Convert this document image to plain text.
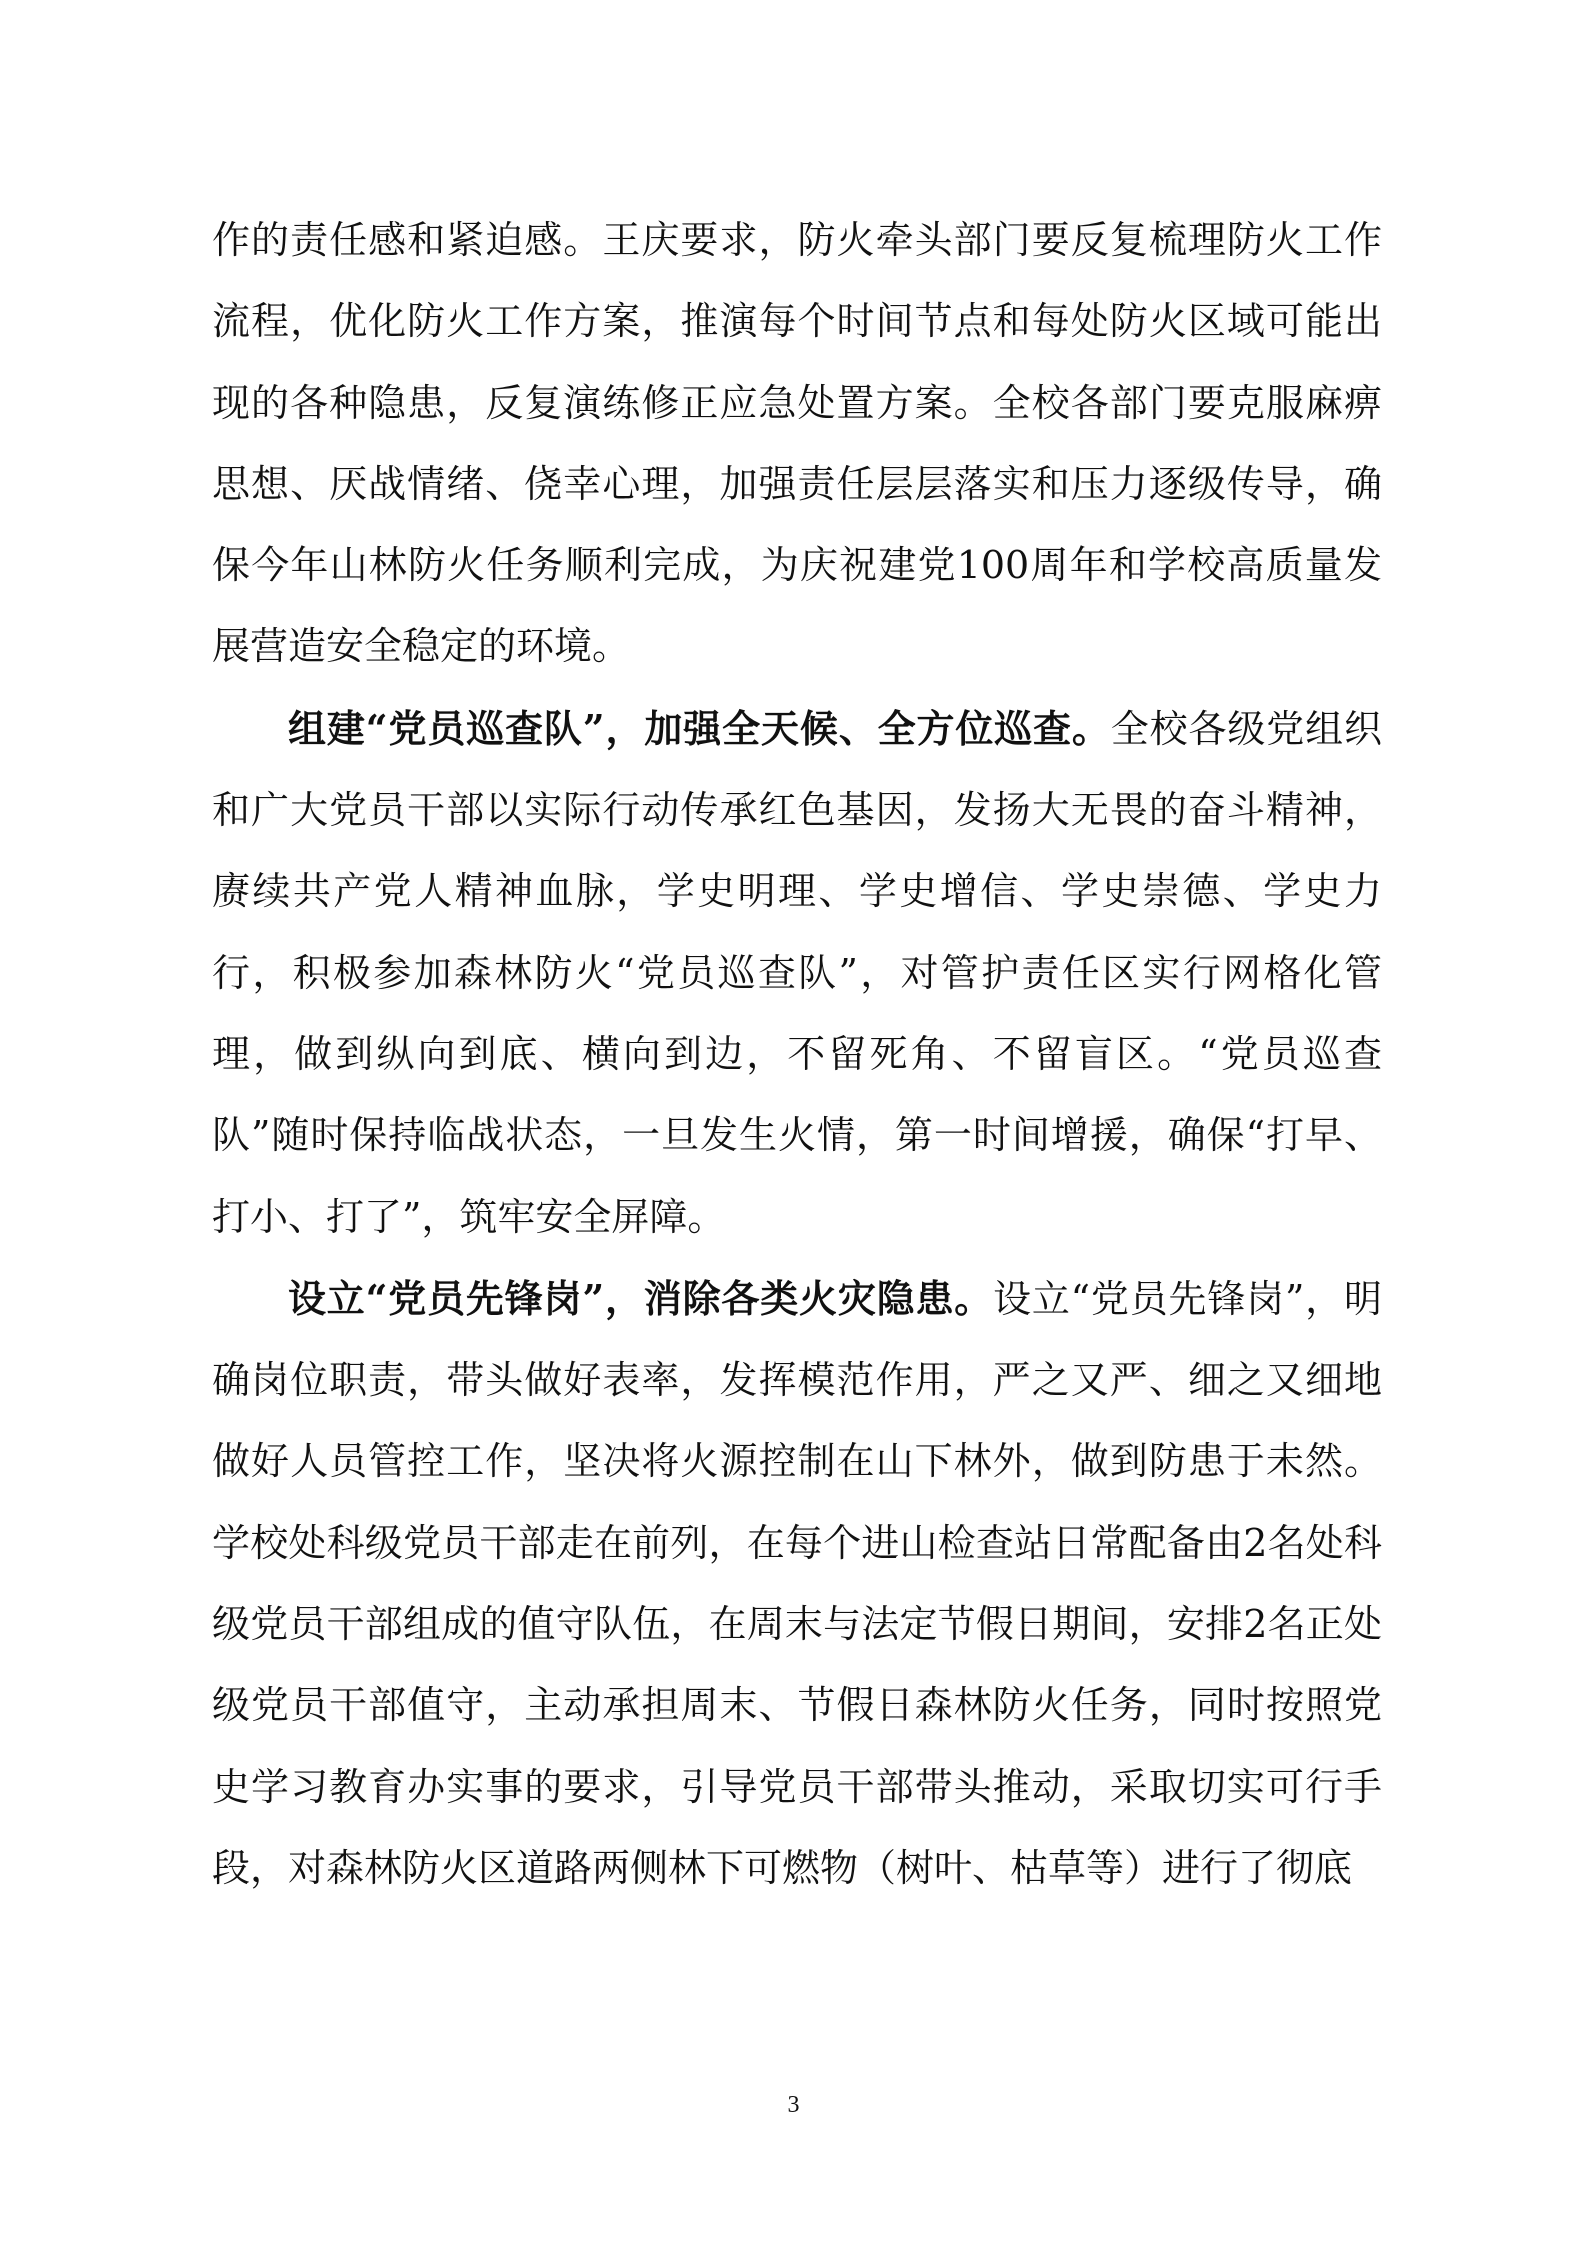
作的责任感和紧迫感。王庆要求，防火牵头部门要反复梳理防火工作流程，优化防火工作方案，推演每个时间节点和每处防火区域可能出现的各种隐患，反复演练修正应急处置方案。全校各部门要克服麻痹思想、厌战情绪、侥幸心理，加强责任层层落实和压力逐级传导，确保今年山林防火任务顺利完成，为庆祝建党100周年和学校高质量发展营造安全稳定的环境。

组建“党员巡查队”，加强全天候、全方位巡查。全校各级党组织和广大党员干部以实际行动传承红色基因，发扬大无畏的奋斗精神，赓续共产党人精神血脉，学史明理、学史增信、学史崇德、学史力行，积极参加森林防火“党员巡查队”，对管护责任区实行网格化管理，做到纵向到底、横向到边，不留死角、不留盲区。“党员巡查队”随时保持临战状态，一旦发生火情，第一时间增援，确保“打早、打小、打了”，筑牢安全屏障。

设立“党员先锋岗”，消除各类火灾隐患。设立“党员先锋岗”，明确岗位职责，带头做好表率，发挥模范作用，严之又严、细之又细地做好人员管控工作，坚决将火源控制在山下林外，做到防患于未然。学校处科级党员干部走在前列，在每个进山检查站日常配备由2名处科级党员干部组成的值守队伍，在周末与法定节假日期间，安排2名正处级党员干部值守，主动承担周末、节假日森林防火任务，同时按照党史学习教育办实事的要求，引导党员干部带头推动，采取切实可行手段，对森林防火区道路两侧林下可燃物（树叶、枯草等）进行了彻底

3
